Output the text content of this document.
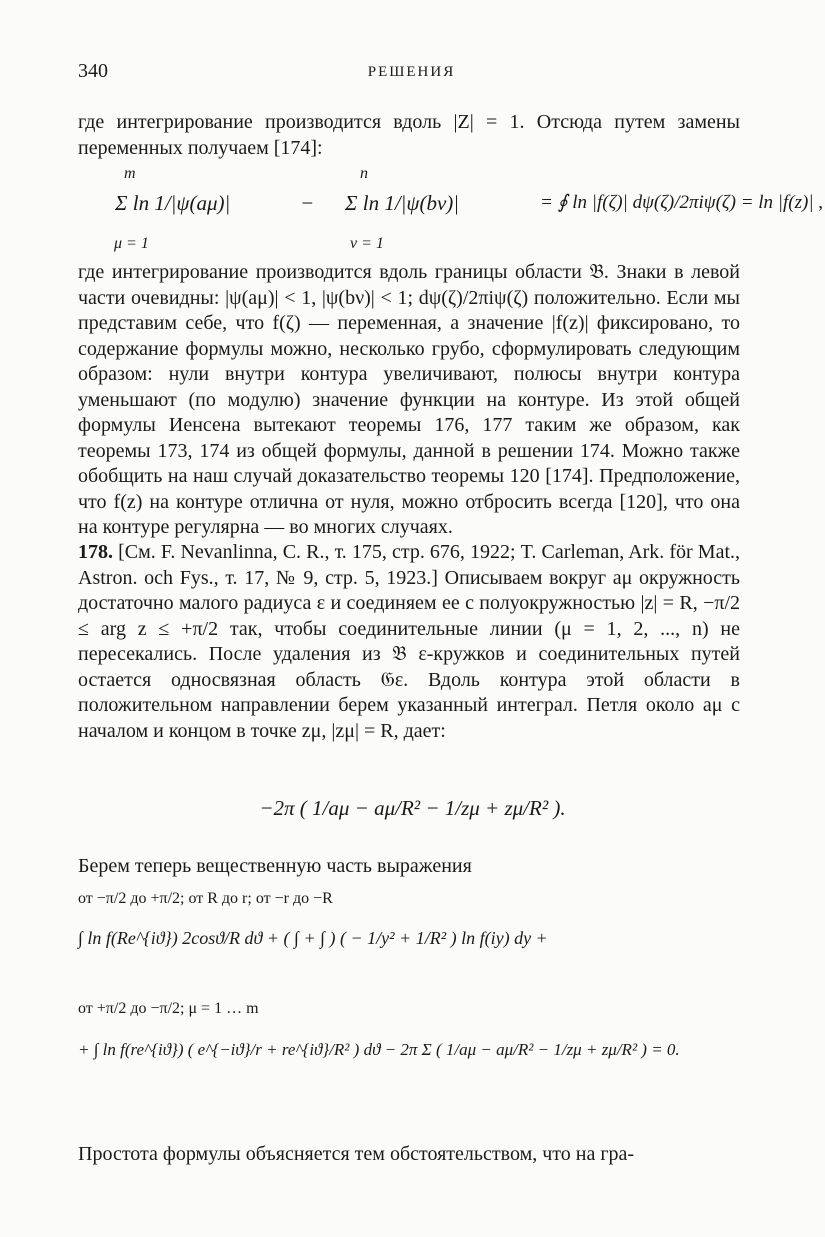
340	РЕШЕНИЯ
где интегрирование производится вдоль |Z| = 1. Отсюда путем замены переменных получаем [174]:
m
μ = 1
Σ ln 1/|ψ(aμ)|	−
n
ν = 1
Σ ln 1/|ψ(bν)|	= ∮ ln |f(ζ)| dψ(ζ)/2πiψ(ζ) = ln |f(z)| ,
где интегрирование производится вдоль границы области 𝔅. Знаки в левой части очевидны: |ψ(aμ)| < 1, |ψ(bν)| < 1; dψ(ζ)/2πiψ(ζ) положительно. Если мы представим себе, что f(ζ) — переменная, а значение |f(z)| фиксировано, то содержание формулы можно, несколько грубо, сформулировать следующим образом: нули внутри контура увеличивают, полюсы внутри контура уменьшают (по модулю) значение функции на контуре. Из этой общей формулы Иенсена вытекают теоремы 176, 177 таким же образом, как теоремы 173, 174 из общей формулы, данной в решении 174. Можно также обобщить на наш случай доказательство теоремы 120 [174]. Предположение, что f(z) на контуре отлична от нуля, можно отбросить всегда [120], что она на контуре регулярна — во многих случаях.
178. [См. F. Nevanlinna, C. R., т. 175, стр. 676, 1922; T. Carleman, Ark. för Mat., Astron. och Fys., т. 17, № 9, стр. 5, 1923.] Описываем вокруг aμ окружность достаточно малого радиуса ε и соединяем ее с полуокружностью |z| = R, −π/2 ≤ arg z ≤ +π/2 так, чтобы соединительные линии (μ = 1, 2, ..., n) не пересекались. После удаления из 𝔅 ε-кружков и соединительных путей остается односвязная область 𝔊ε. Вдоль контура этой области в положительном направлении берем указанный интеграл. Петля около aμ с началом и концом в точке zμ, |zμ| = R, дает:
−2π ( 1/aμ − aμ/R² − 1/zμ + zμ/R² ).
Берем теперь вещественную часть выражения
от −π/2 до +π/2; от R до r; от −r до −R
∫ ln f(Re^{iϑ}) 2cosϑ/R dϑ + ( ∫ + ∫ ) ( − 1/y² + 1/R² ) ln f(iy) dy +
от +π/2 до −π/2; μ = 1 … m
+ ∫ ln f(re^{iϑ}) ( e^{−iϑ}/r + re^{iϑ}/R² ) dϑ − 2π Σ ( 1/aμ − aμ/R² − 1/zμ + zμ/R² ) = 0.
Простота формулы объясняется тем обстоятельством, что на гра-
